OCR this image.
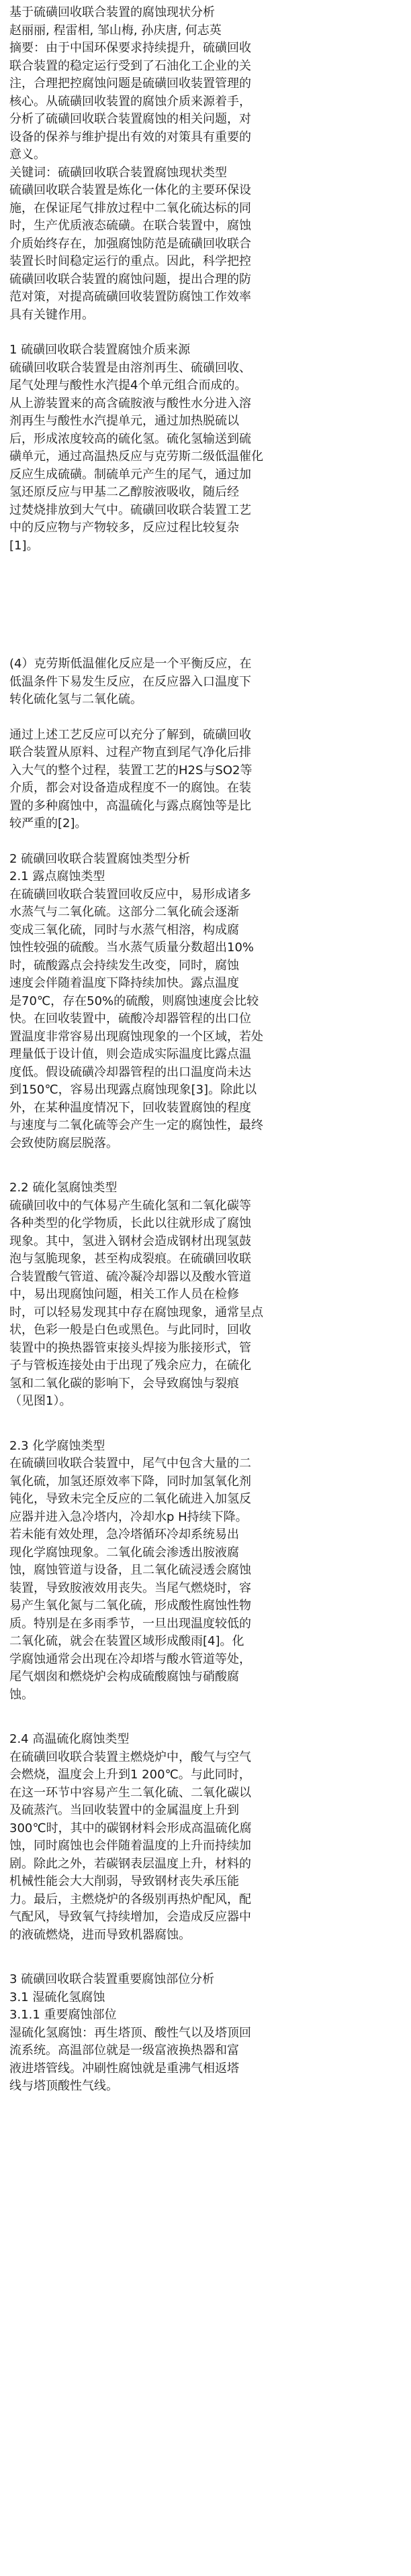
基于硫磺回收联合装置的腐蚀现状分析

赵丽丽, 程雷相, 邹山梅, 孙庆唐, 何志英

摘要：由于中国环保要求持续提升，硫磺回收
联合装置的稳定运行受到了石油化工企业的关
注，合理把控腐蚀问题是硫磺回收装置管理的
核心。从硫磺回收装置的腐蚀介质来源着手，
分析了硫磺回收联合装置腐蚀的相关问题，对
设备的保养与维护提出有效的对策具有重要的
意义。

关键词：硫磺回收联合装置腐蚀现状类型

硫磺回收联合装置是炼化一体化的主要环保设
施，在保证尾气排放过程中二氧化硫达标的同
时，生产优质液态硫磺。在联合装置中，腐蚀
介质始终存在，加强腐蚀防范是硫磺回收联合
装置长时间稳定运行的重点。因此，科学把控
硫磺回收联合装置的腐蚀问题，提出合理的防
范对策，对提高硫磺回收装置防腐蚀工作效率
具有关键作用。

1 硫磺回收联合装置腐蚀介质来源

硫磺回收联合装置是由溶剂再生、硫磺回收、
尾气处理与酸性水汽提4个单元组合而成的。
从上游装置来的高含硫胺液与酸性水分进入溶
剂再生与酸性水汽提单元，通过加热脱硫以
后，形成浓度较高的硫化氢。硫化氢输送到硫
磺单元，通过高温热反应与克劳斯二级低温催化
反应生成硫磺。制硫单元产生的尾气，通过加
氢还原反应与甲基二乙醇胺液吸收，随后经
过焚烧排放到大气中。硫磺回收联合装置工艺
中的反应物与产物较多，反应过程比较复杂
[1]。

(4）克劳斯低温催化反应是一个平衡反应，在
低温条件下易发生反应，在反应器入口温度下
转化硫化氢与二氧化硫。

通过上述工艺反应可以充分了解到，硫磺回收
联合装置从原料、过程产物直到尾气净化后排
入大气的整个过程，装置工艺的H2S与SO2等
介质，都会对设备造成程度不一的腐蚀。在装
置的多种腐蚀中，高温硫化与露点腐蚀等是比
较严重的[2]。

2 硫磺回收联合装置腐蚀类型分析

2.1 露点腐蚀类型

在硫磺回收联合装置回收反应中，易形成诸多
水蒸气与二氧化硫。这部分二氧化硫会逐渐
变成三氧化硫，同时与水蒸气相溶，构成腐
蚀性较强的硫酸。当水蒸气质量分数超出10%
时，硫酸露点会持续发生改变，同时，腐蚀
速度会伴随着温度下降持续加快。露点温度
是70℃，存在50%的硫酸，则腐蚀速度会比较
快。在回收装置中，硫酸冷却器管程的出口位
置温度非常容易出现腐蚀现象的一个区域，若处
理量低于设计值，则会造成实际温度比露点温
度低。假设硫磺冷却器管程的出口温度尚未达
到150℃，容易出现露点腐蚀现象[3]。除此以
外，在某种温度情况下，回收装置腐蚀的程度
与速度与二氧化硫等会产生一定的腐蚀性，最终
会致使防腐层脱落。

2.2 硫化氢腐蚀类型

硫磺回收中的气体易产生硫化氢和二氧化碳等
各种类型的化学物质，长此以往就形成了腐蚀
现象。其中，氢进入钢材会造成钢材出现氢鼓
泡与氢脆现象，甚至构成裂痕。在硫磺回收联
合装置酸气管道、硫冷凝冷却器以及酸水管道
中，易出现腐蚀问题，相关工作人员在检修
时，可以轻易发现其中存在腐蚀现象，通常呈点
状，色彩一般是白色或黑色。与此同时，回收
装置中的换热器管束接头焊接为胀接形式，管
子与管板连接处由于出现了残余应力，在硫化
氢和二氧化碳的影响下，会导致腐蚀与裂痕
（见图1）。

2.3 化学腐蚀类型

在硫磺回收联合装置中，尾气中包含大量的二
氧化硫，加氢还原效率下降，同时加氢氧化剂
钝化，导致未完全反应的二氧化硫进入加氢反
应器并进入急冷塔内，冷却水p H持续下降。
若未能有效处理，急冷塔循环冷却系统易出
现化学腐蚀现象。二氧化硫会渗透出胺液腐
蚀，腐蚀管道与设备，且二氧化硫浸透会腐蚀
装置，导致胺液效用丧失。当尾气燃烧时，容
易产生氧化氮与二氧化硫，形成酸性腐蚀性物
质。特别是在多雨季节，一旦出现温度较低的
二氧化硫，就会在装置区域形成酸雨[4]。化
学腐蚀通常会出现在冷却塔与酸水管道等处，
尾气烟囱和燃烧炉会构成硫酸腐蚀与硝酸腐
蚀。

2.4 高温硫化腐蚀类型

在硫磺回收联合装置主燃烧炉中，酸气与空气
会燃烧，温度会上升到1 200℃。与此同时，
在这一环节中容易产生二氧化硫、二氧化碳以
及硫蒸汽。当回收装置中的金属温度上升到
300℃时，其中的碳钢材料会形成高温硫化腐
蚀，同时腐蚀也会伴随着温度的上升而持续加
剧。除此之外，若碳钢表层温度上升，材料的
机械性能会大大削弱，导致钢材丧失承压能
力。最后，主燃烧炉的各级别再热炉配风，配
气配风，导致氧气持续增加，会造成反应器中
的液硫燃烧，进而导致机器腐蚀。

3 硫磺回收联合装置重要腐蚀部位分析

3.1 湿硫化氢腐蚀

3.1.1 重要腐蚀部位

湿硫化氢腐蚀：再生塔顶、酸性气以及塔顶回
流系统。高温部位就是一级富液换热器和富
液进塔管线。冲刷性腐蚀就是重沸气相返塔
线与塔顶酸性气线。
